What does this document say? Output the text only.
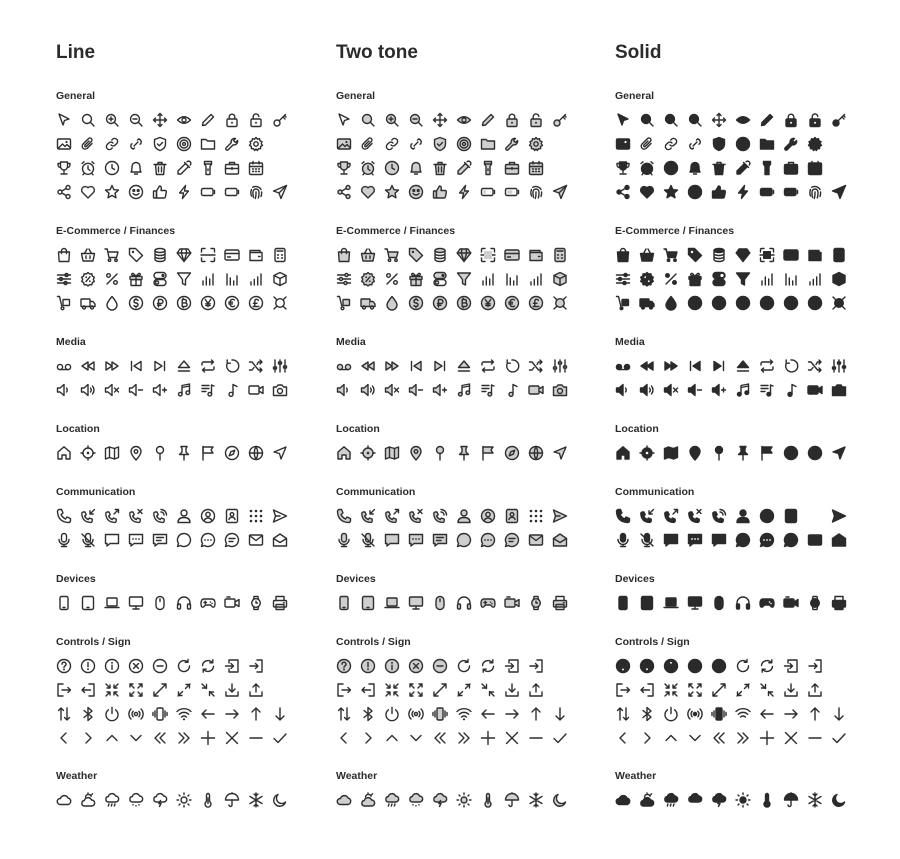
Line
General
E-Commerce / Finances
Media
Location
Communication
Devices
Controls / Sign
Weather
Two tone
General
E-Commerce / Finances
Media
Location
Communication
Devices
Controls / Sign
Weather
Solid
General
E-Commerce / Finances
Media
Location
Communication
Devices
Controls / Sign
Weather
